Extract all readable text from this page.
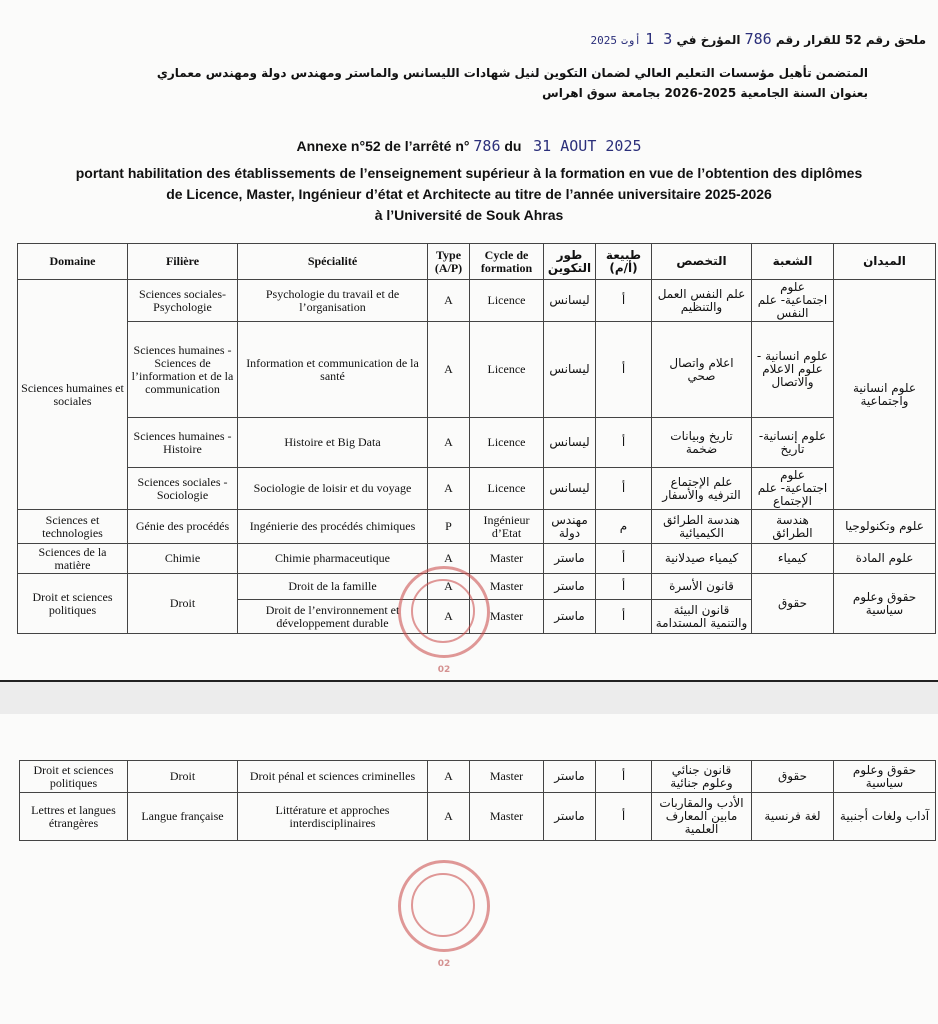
ملحق رقم 52 للقرار رقم 786 المؤرخ في 3 1 أوت 2025
المتضمن تأهيل مؤسسات التعليم العالي لضمان التكوين لنيل شهادات الليسانس والماستر ومهندس دولة ومهندس معماري
بعنوان السنة الجامعية 2025-2026 بجامعة سوق اهراس
Annexe n°52 de l’arrêté n° 786 du 31 AOUT 2025
portant habilitation des établissements de l’enseignement supérieur à la formation en vue de l’obtention des diplômes
de Licence, Master, Ingénieur d’état et Architecte au titre de l’année universitaire 2025-2026
à l’Université de Souk Ahras
Domaine	Filière	Spécialité	Type (A/P)	Cycle de formation	طور التكوين	طبيعة (أ/م)	التخصص	الشعبة	الميدان
Sciences humaines et sociales	Sciences sociales- Psychologie	Psychologie du travail et de l’organisation	A	Licence	ليسانس	أ	علم النفس العمل والتنظيم	علوم اجتماعية- علم النفس	علوم انسانية واجتماعية
	Sciences humaines - Sciences de l’information et de la communication	Information et communication de la santé	A	Licence	ليسانس	أ	اعلام واتصال صحي	علوم انسانية - علوم الاعلام والاتصال	
	Sciences humaines - Histoire	Histoire et Big Data	A	Licence	ليسانس	أ	تاريخ وبيانات ضخمة	علوم إنسانية- تاريخ	
	Sciences sociales - Sociologie	Sociologie de loisir et du voyage	A	Licence	ليسانس	أ	علم الإجتماع الترفيه والأسفار	علوم اجتماعية- علم الإجتماع	
Sciences et technologies	Génie des procédés	Ingénierie des procédés chimiques	P	Ingénieur d’Etat	مهندس دولة	م	هندسة الطرائق الكيميائية	هندسة الطرائق	علوم وتكنولوجيا
Sciences de la matière	Chimie	Chimie pharmaceutique	A	Master	ماستر	أ	كيمياء صيدلانية	كيمياء	علوم المادة
Droit et sciences politiques	Droit	Droit de la famille	A	Master	ماستر	أ	قانون الأسرة	حقوق	حقوق وعلوم سياسية
		Droit de l’environnement et développement durable	A	Master	ماستر	أ	قانون البيئة والتنمية المستدامة		
02
Droit et sciences politiques	Droit	Droit pénal et sciences criminelles	A	Master	ماستر	أ	قانون جنائي وعلوم جنائية	حقوق	حقوق وعلوم سياسية
Lettres et langues étrangères	Langue française	Littérature et approches interdisciplinaires	A	Master	ماستر	أ	الأدب والمقاربات مابين المعارف العلمية	لغة فرنسية	آداب ولغات أجنبية
02
